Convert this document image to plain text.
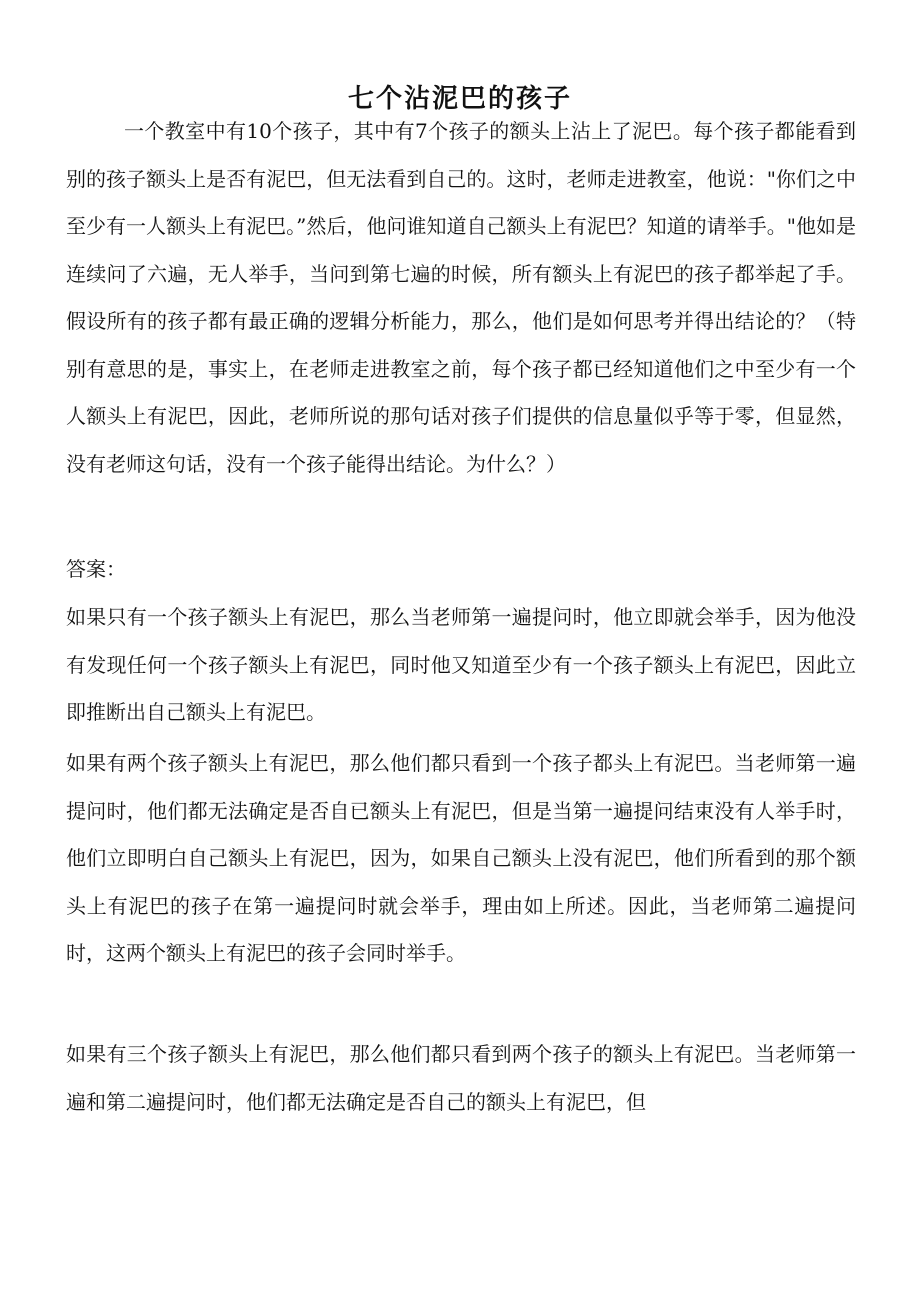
七个沾泥巴的孩子

一个教室中有10个孩子，其中有7个孩子的额头上沾上了泥巴。每个孩子都能看到别的孩子额头上是否有泥巴，但无法看到自己的。这时，老师走进教室，他说："你们之中至少有一人额头上有泥巴。”然后，他问谁知道自己额头上有泥巴？知道的请举手。"他如是连续问了六遍，无人举手，当问到第七遍的时候，所有额头上有泥巴的孩子都举起了手。假设所有的孩子都有最正确的逻辑分析能力，那么，他们是如何思考并得出结论的？（特别有意思的是，事实上，在老师走进教室之前，每个孩子都已经知道他们之中至少有一个人额头上有泥巴，因此，老师所说的那句话对孩子们提供的信息量似乎等于零，但显然，没有老师这句话，没有一个孩子能得出结论。为什么？）

答案：

如果只有一个孩子额头上有泥巴，那么当老师第一遍提问时，他立即就会举手，因为他没有发现任何一个孩子额头上有泥巴，同时他又知道至少有一个孩子额头上有泥巴，因此立即推断出自己额头上有泥巴。

如果有两个孩子额头上有泥巴，那么他们都只看到一个孩子都头上有泥巴。当老师第一遍提问时，他们都无法确定是否自已额头上有泥巴，但是当第一遍提问结束没有人举手时，他们立即明白自己额头上有泥巴，因为，如果自己额头上没有泥巴，他们所看到的那个额头上有泥巴的孩子在第一遍提问时就会举手，理由如上所述。因此，当老师第二遍提问时，这两个额头上有泥巴的孩子会同时举手。

如果有三个孩子额头上有泥巴，那么他们都只看到两个孩子的额头上有泥巴。当老师第一遍和第二遍提问时，他们都无法确定是否自己的额头上有泥巴，但
